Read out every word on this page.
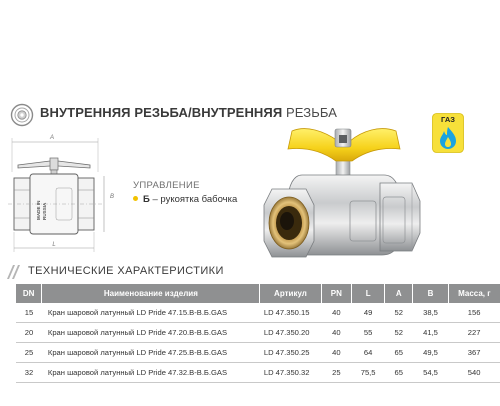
ВНУТРЕННЯЯ РЕЗЬБА/ВНУТРЕННЯЯ РЕЗЬБА
A
MADE IN RUSSIA
B
L
УПРАВЛЕНИЕ
Б – рукоятка бабочка
ГАЗ
ТЕХНИЧЕСКИЕ ХАРАКТЕРИСТИКИ
DN	Наименование изделия	Артикул	PN	L	A	B	Масса, г
15	Кран шаровой латунный LD Pride 47.15.В-В.Б.GAS	LD 47.350.15	40	49	52	38,5	156
20	Кран шаровой латунный LD Pride 47.20.В-В.Б.GAS	LD 47.350.20	40	55	52	41,5	227
25	Кран шаровой латунный LD Pride 47.25.В-В.Б.GAS	LD 47.350.25	40	64	65	49,5	367
32	Кран шаровой латунный LD Pride 47.32.В-В.Б.GAS	LD 47.350.32	25	75,5	65	54,5	540
